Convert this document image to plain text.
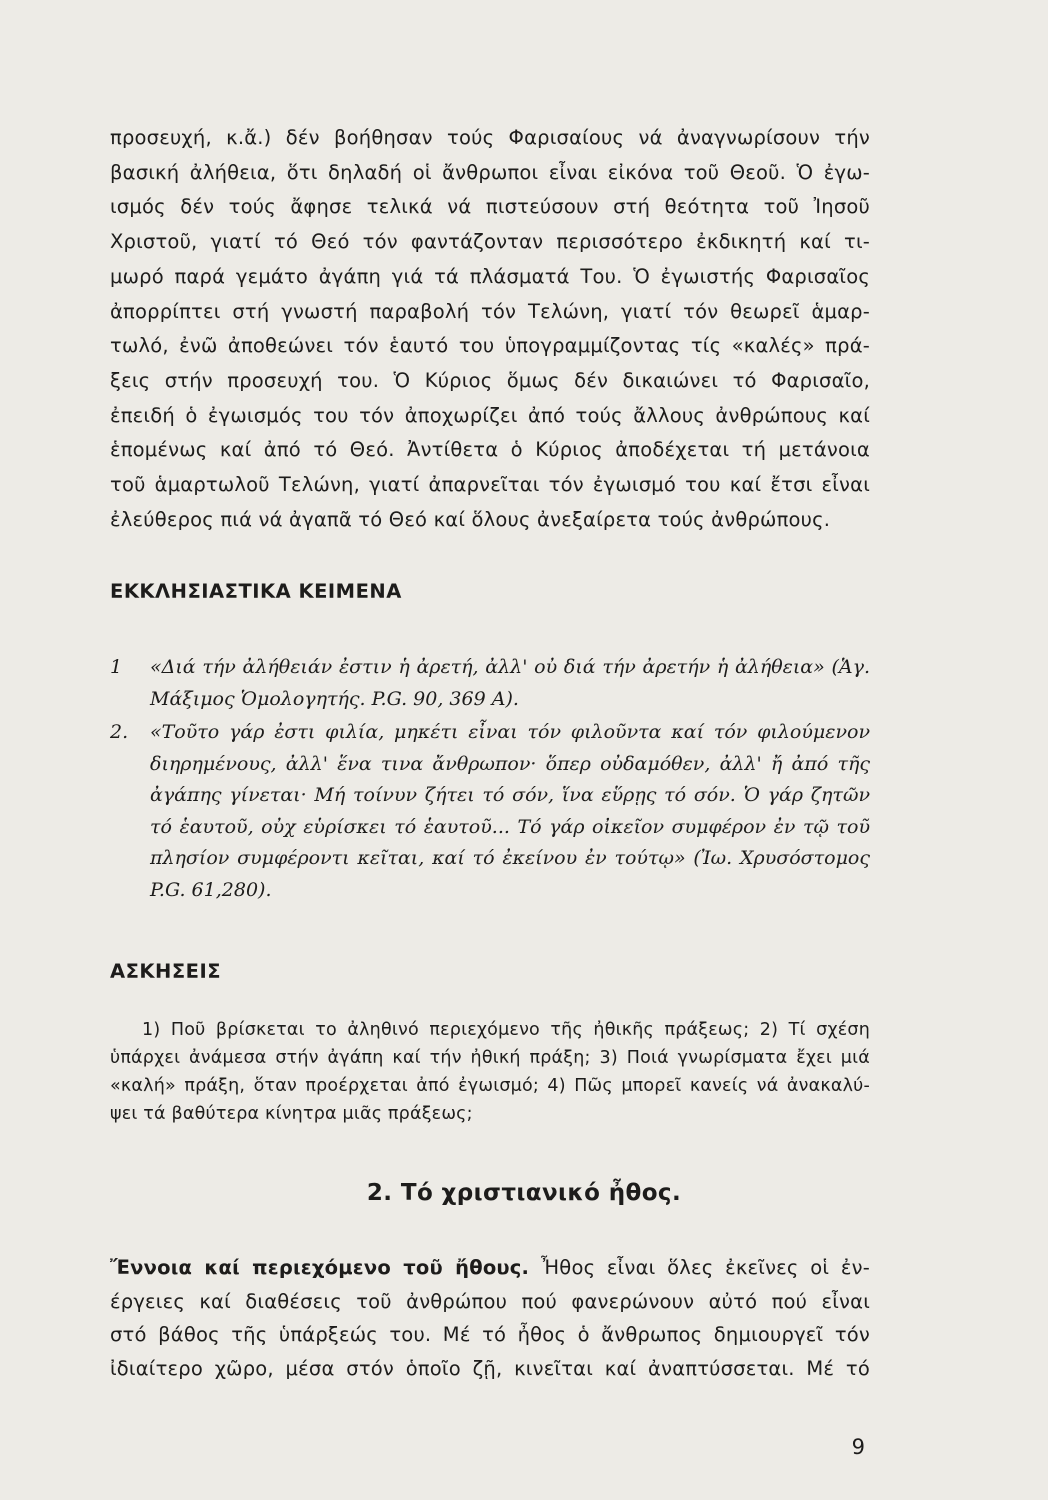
προσευχή, κ.ἄ.) δέν βοήθησαν τούς Φαρισαίους νά ἀναγνωρίσουν τήν
βασική ἀλήθεια, ὅτι δηλαδή οἱ ἄνθρωποι εἶναι εἰκόνα τοῦ Θεοῦ. Ὁ ἐγω-
ισμός δέν τούς ἄφησε τελικά νά πιστεύσουν στή θεότητα τοῦ Ἰησοῦ
Χριστοῦ, γιατί τό Θεό τόν φαντάζονταν περισσότερο ἐκδικητή καί τι-
μωρό παρά γεμάτο ἀγάπη γιά τά πλάσματά Του. Ὁ ἐγωιστής Φαρισαῖος
ἀπορρίπτει στή γνωστή παραβολή τόν Τελώνη, γιατί τόν θεωρεῖ ἁμαρ-
τωλό, ἐνῶ ἀποθεώνει τόν ἑαυτό του ὑπογραμμίζοντας τίς «καλές» πρά-
ξεις στήν προσευχή του. Ὁ Κύριος ὅμως δέν δικαιώνει τό Φαρισαῖο,
ἐπειδή ὁ ἐγωισμός του τόν ἀποχωρίζει ἀπό τούς ἄλλους ἀνθρώπους καί
ἑπομένως καί ἀπό τό Θεό. Ἀντίθετα ὁ Κύριος ἀποδέχεται τή μετάνοια
τοῦ ἁμαρτωλοῦ Τελώνη, γιατί ἀπαρνεῖται τόν ἐγωισμό του καί ἔτσι εἶναι
ἐλεύθερος πιά νά ἀγαπᾶ τό Θεό καί ὅλους ἀνεξαίρετα τούς ἀνθρώπους.
ΕΚΚΛΗΣΙΑΣΤΙΚΑ ΚΕΙΜΕΝΑ
1 «Διά τήν ἀλήθειάν ἐστιν ἡ ἀρετή, ἀλλ' οὐ διά τήν ἀρετήν ἡ ἀλήθεια» (Ἁγ.
Μάξιμος Ὁμολογητής. P.G. 90, 369 A).
2. «Τοῦτο γάρ ἐστι φιλία, μηκέτι εἶναι τόν φιλοῦντα καί τόν φιλούμενον
διηρημένους, ἀλλ' ἕνα τινα ἄνθρωπον· ὅπερ οὐδαμόθεν, ἀλλ' ἤ ἀπό τῆς
ἀγάπης γίνεται· Μή τοίνυν ζήτει τό σόν, ἵνα εὕρῃς τό σόν. Ὁ γάρ ζητῶν
τό ἑαυτοῦ, οὐχ εὑρίσκει τό ἑαυτοῦ... Τό γάρ οἰκεῖον συμφέρον ἐν τῷ τοῦ
πλησίον συμφέροντι κεῖται, καί τό ἐκείνου ἐν τούτῳ» (Ἰω. Χρυσόστομος
P.G. 61,280).
ΑΣΚΗΣΕΙΣ
1) Ποῦ βρίσκεται τo ἀληθινό περιεχόμενο τῆς ἠθικῆς πράξεως; 2) Τί σχέση
ὑπάρχει ἀνάμεσα στήν ἀγάπη καί τήν ἠθική πράξη; 3) Ποιά γνωρίσματα ἔχει μιά
«καλή» πράξη, ὅταν προέρχεται ἀπό ἐγωισμό; 4) Πῶς μπορεῖ κανείς νά ἀνακαλύ-
ψει τά βαθύτερα κίνητρα μιᾶς πράξεως;
2. Τό χριστιανικό ἦθος.
Ἔννοια καί περιεχόμενο τοῦ ἤθους. Ἦθος εἶναι ὅλες ἐκεῖνες οἱ ἐν-
έργειες καί διαθέσεις τοῦ ἀνθρώπου πού φανερώνουν αὐτό πού εἶναι
στό βάθος τῆς ὑπάρξεώς του. Μέ τό ἦθος ὁ ἄνθρωπος δημιουργεῖ τόν
ἰδιαίτερο χῶρο, μέσα στόν ὁποῖο ζῇ, κινεῖται καί ἀναπτύσσεται. Μέ τό

9
